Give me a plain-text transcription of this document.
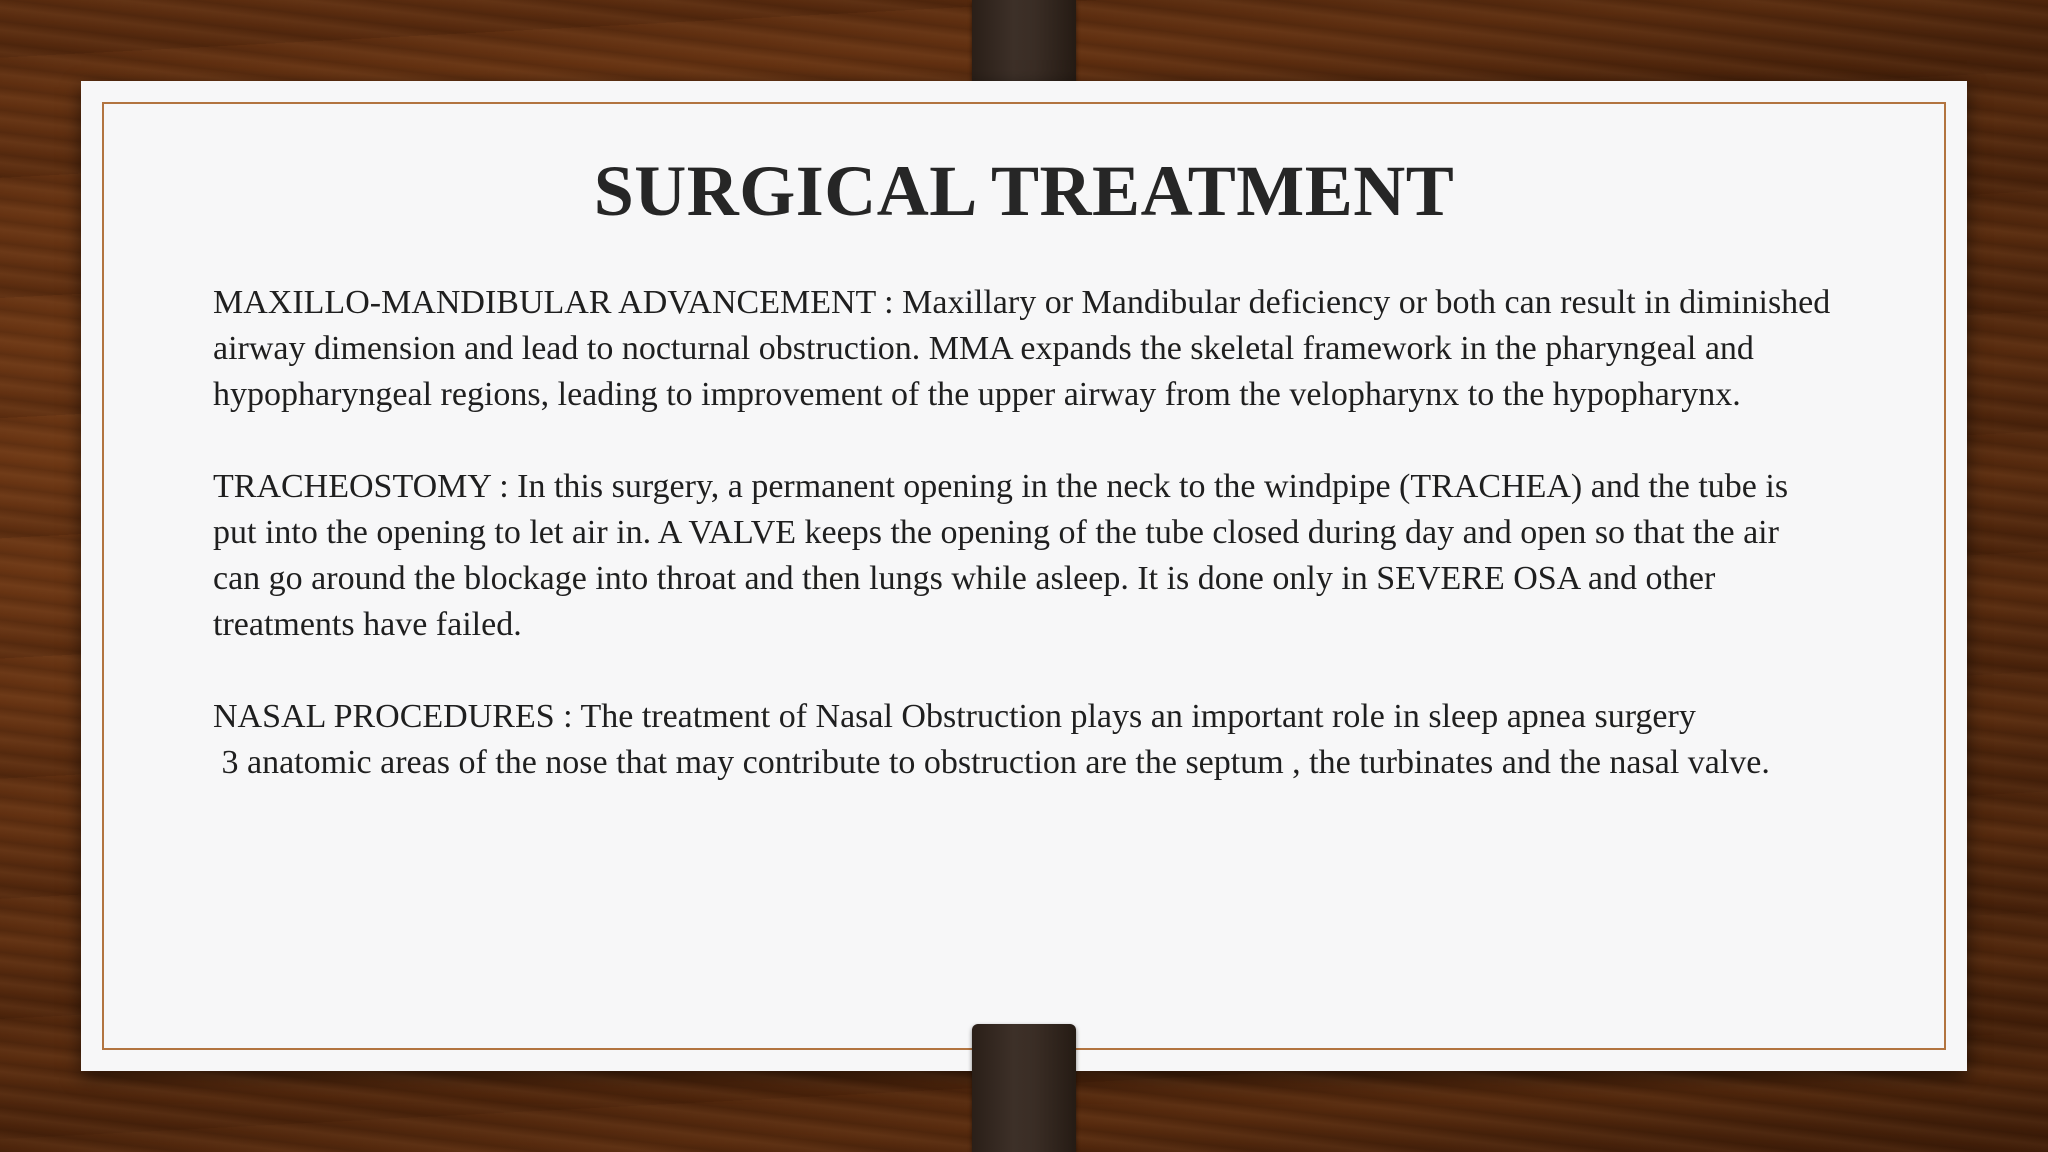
SURGICAL TREATMENT

MAXILLO-MANDIBULAR ADVANCEMENT : Maxillary or Mandibular deficiency or both can result in diminished airway dimension and lead to nocturnal obstruction. MMA expands the skeletal framework in the pharyngeal and hypopharyngeal regions, leading to improvement of the upper airway from the velopharynx to the hypopharynx.

TRACHEOSTOMY : In this surgery, a permanent opening in the neck to the windpipe (TRACHEA) and the tube is put into the opening to let air in. A VALVE keeps the opening of the tube closed during day and open so that the air can go around the blockage into throat and then lungs while asleep. It is done only in SEVERE OSA and other treatments have failed.

NASAL PROCEDURES : The treatment of Nasal Obstruction plays an important role in sleep apnea surgery
3 anatomic areas of the nose that may contribute to obstruction are the septum , the turbinates and the nasal valve.
